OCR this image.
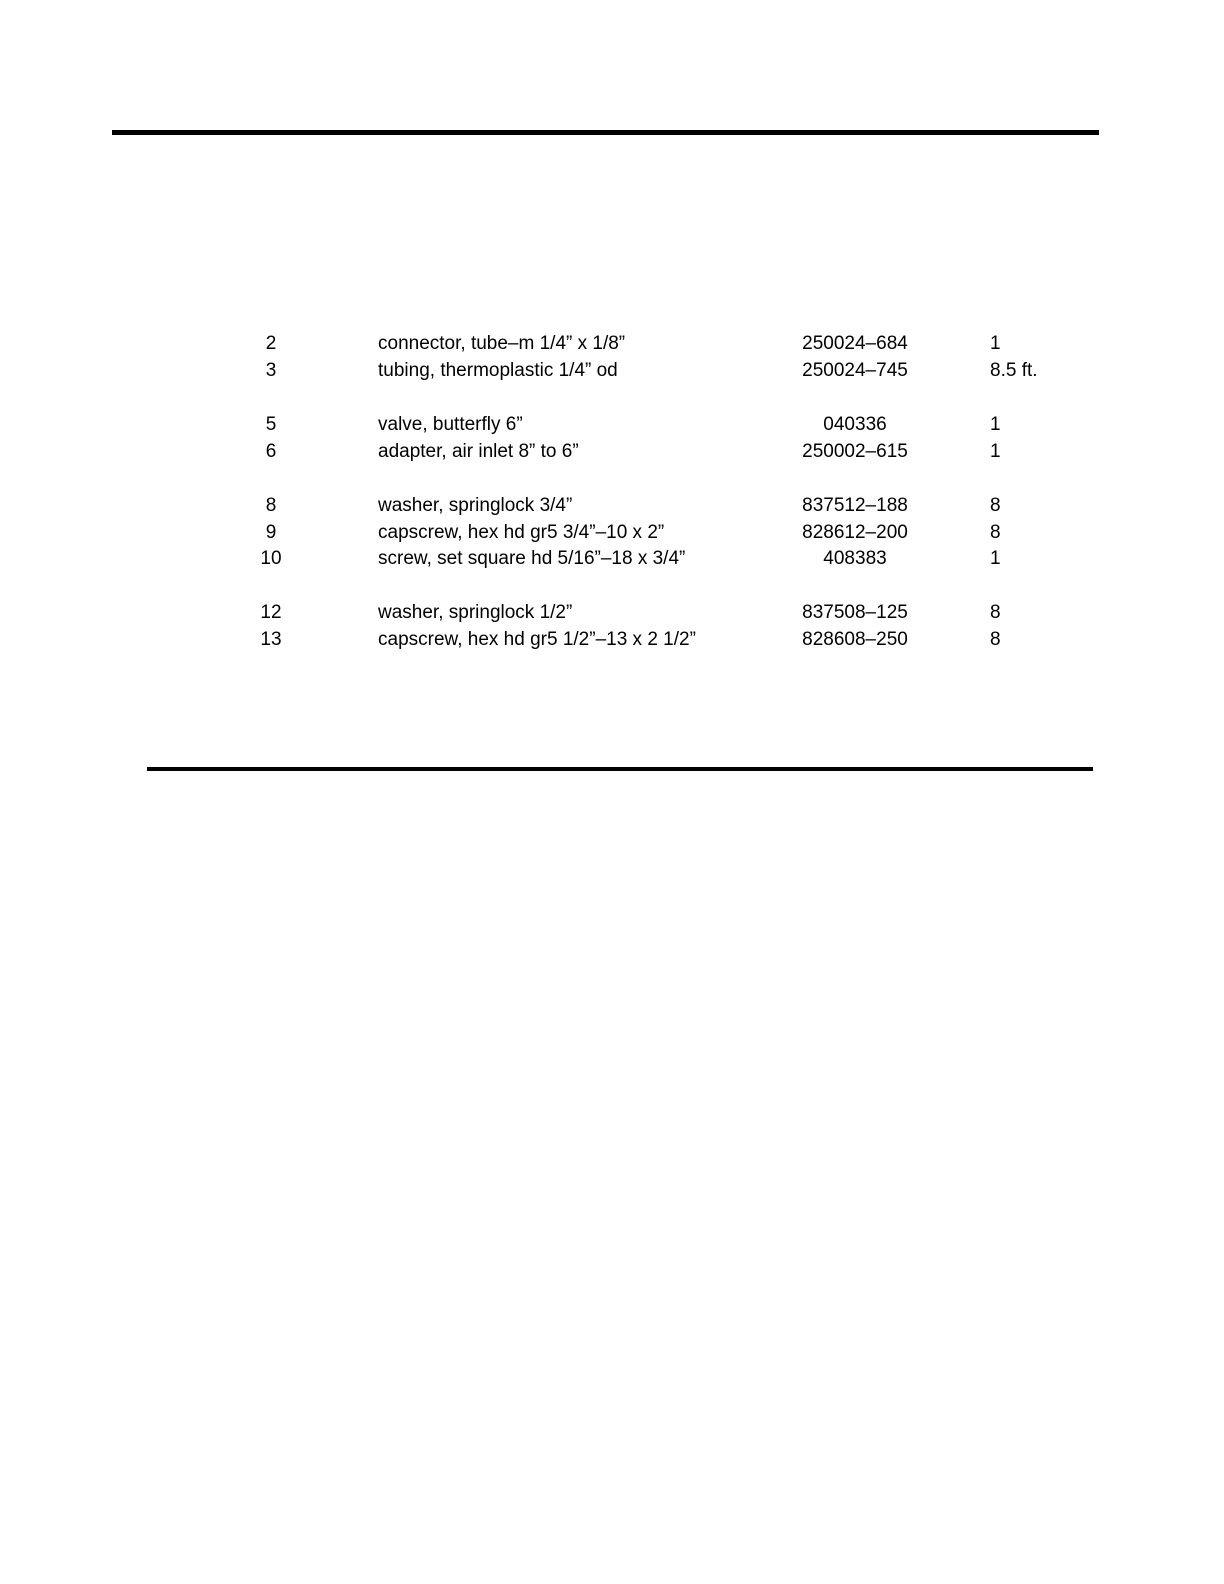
2	connector, tube–m 1/4” x 1/8”	250024–684	1
3	tubing, thermoplastic 1/4” od	250024–745	8.5 ft.
5	valve, butterfly 6”	040336	1
6	adapter, air inlet 8” to 6”	250002–615	1
8	washer, springlock 3/4”	837512–188	8
9	capscrew, hex hd gr5 3/4”–10 x 2”	828612–200	8
10	screw, set square hd 5/16”–18 x 3/4”	408383	1
12	washer, springlock 1/2”	837508–125	8
13	capscrew, hex hd gr5 1/2”–13 x 2 1/2”	828608–250	8
